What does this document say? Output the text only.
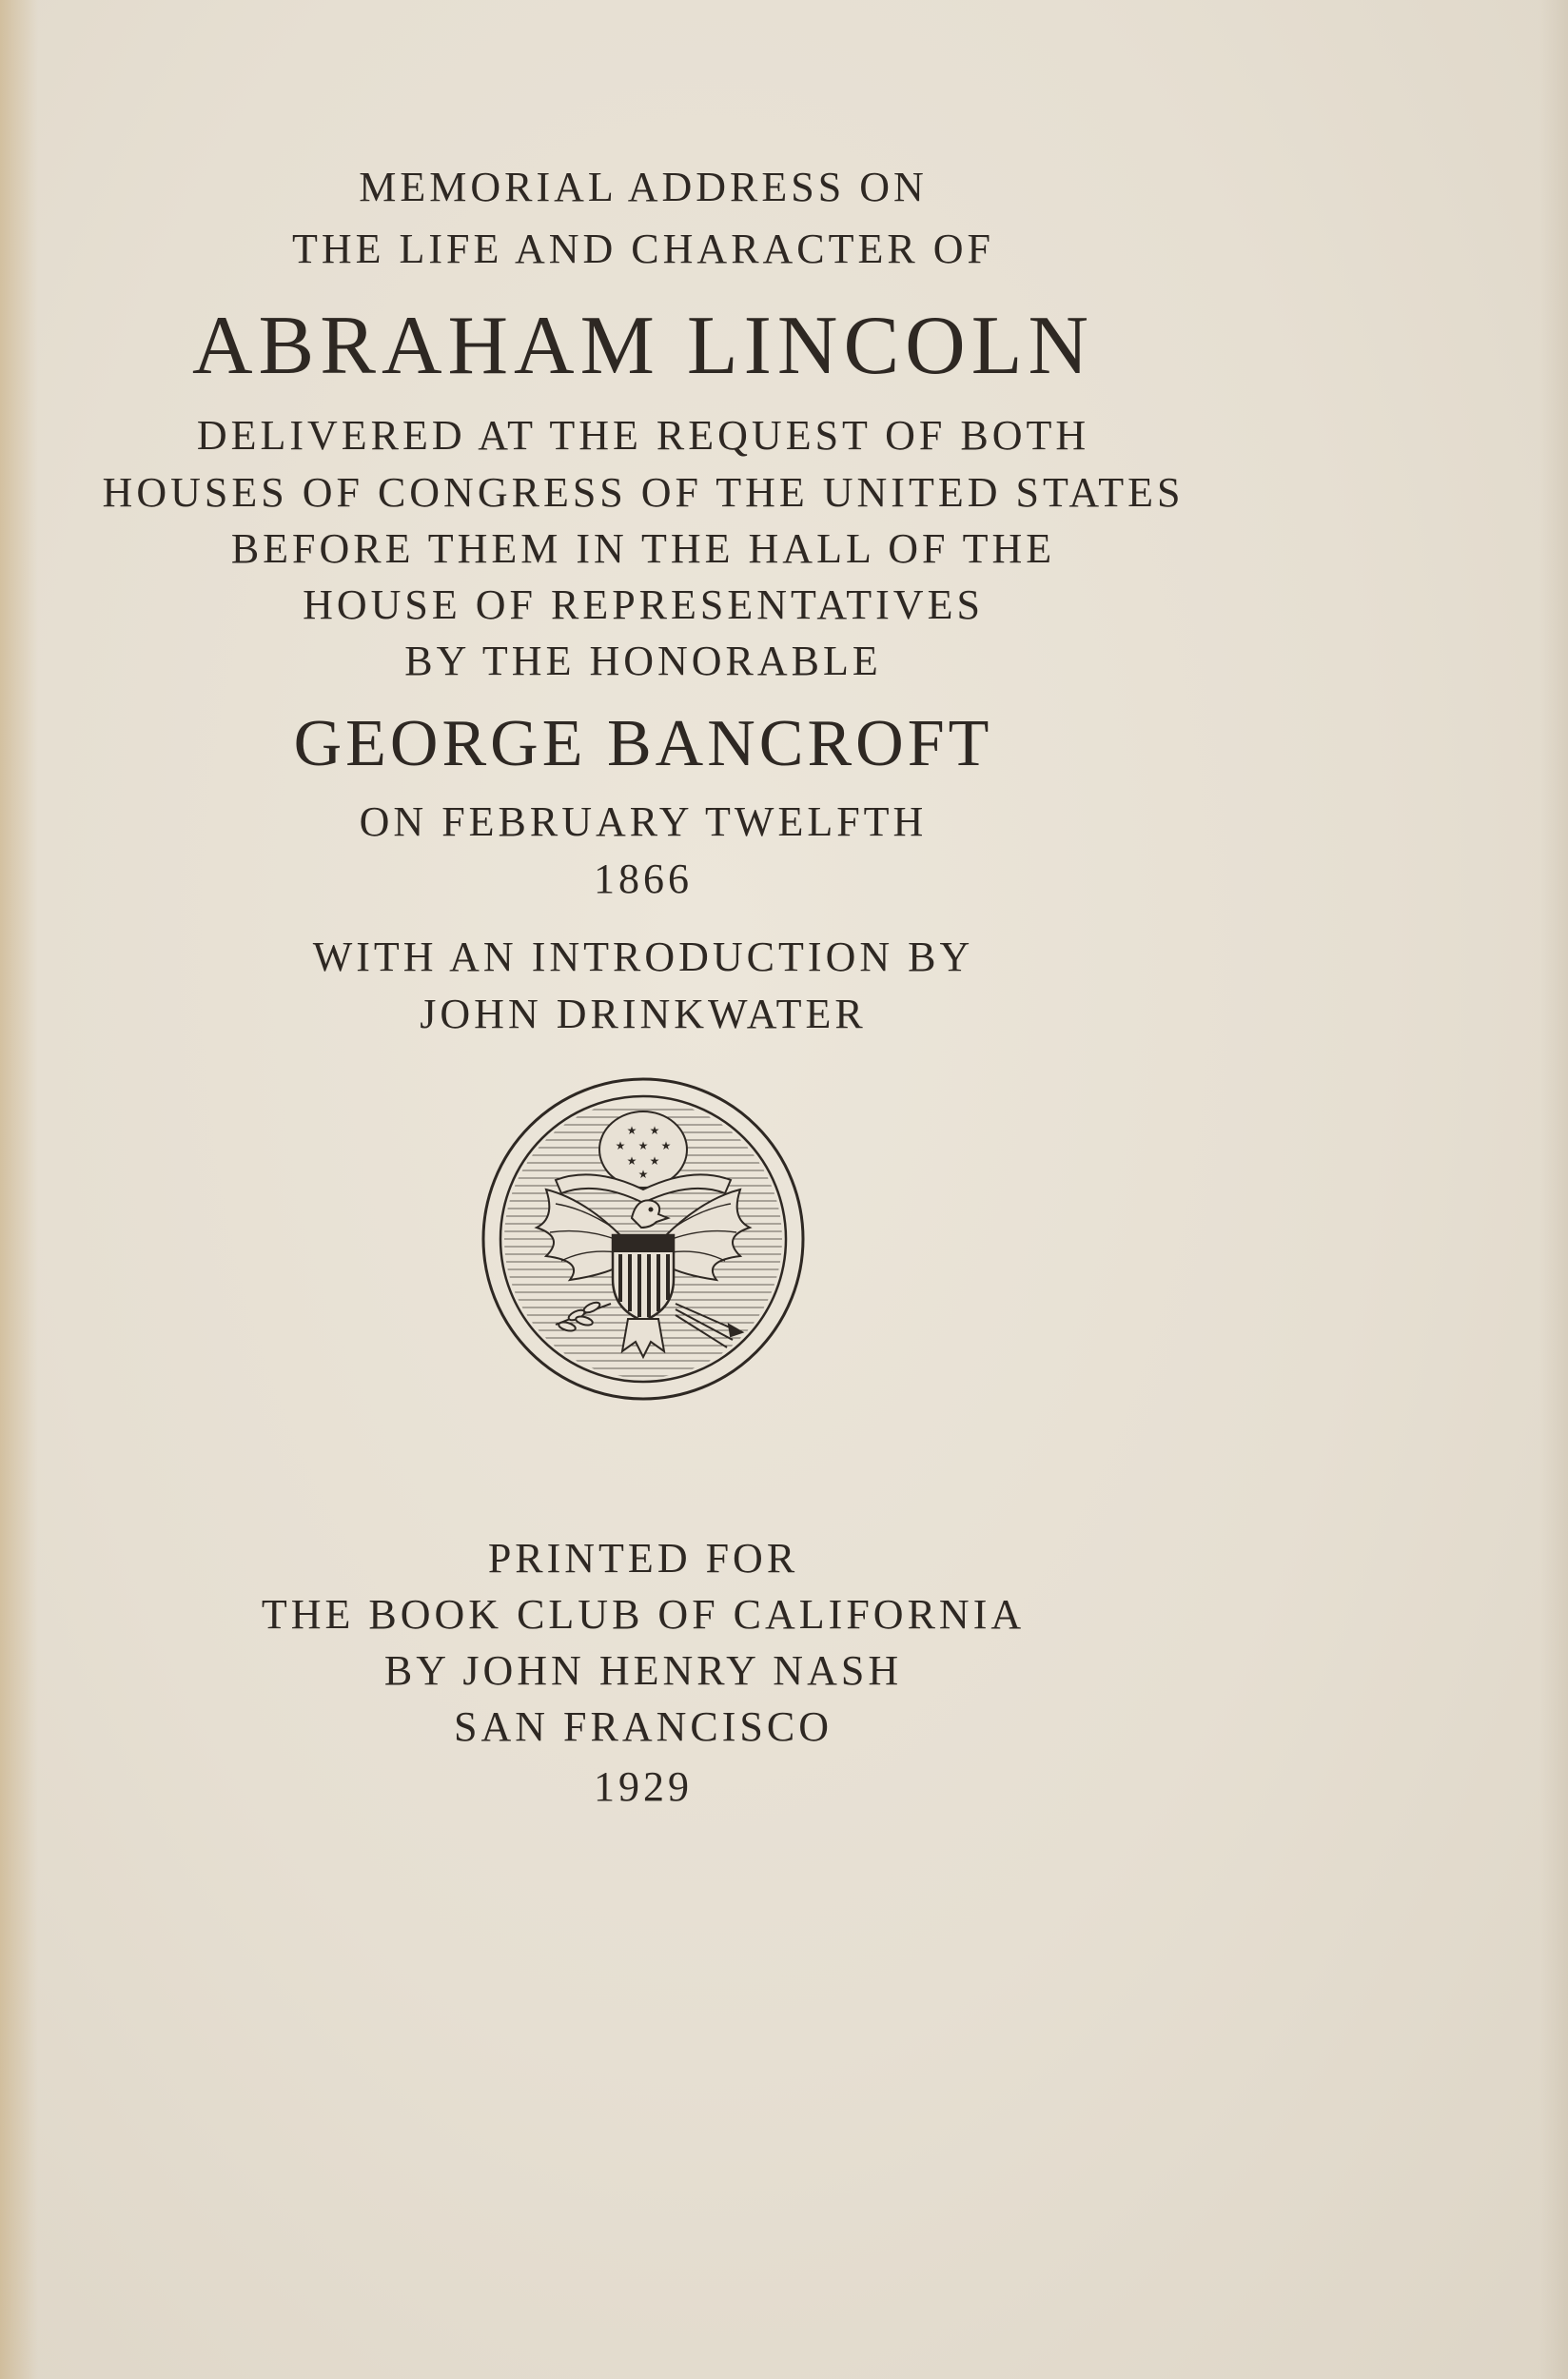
MEMORIAL ADDRESS ON
THE LIFE AND CHARACTER OF
ABRAHAM LINCOLN
DELIVERED AT THE REQUEST OF BOTH
HOUSES OF CONGRESS OF THE UNITED STATES
BEFORE THEM IN THE HALL OF THE
HOUSE OF REPRESENTATIVES
BY THE HONORABLE
GEORGE BANCROFT
ON FEBRUARY TWELFTH
1866
WITH AN INTRODUCTION BY
JOHN DRINKWATER
★ ★
★ ★ ★
★ ★
★
PRINTED FOR
THE BOOK CLUB OF CALIFORNIA
BY JOHN HENRY NASH
SAN FRANCISCO
1929
